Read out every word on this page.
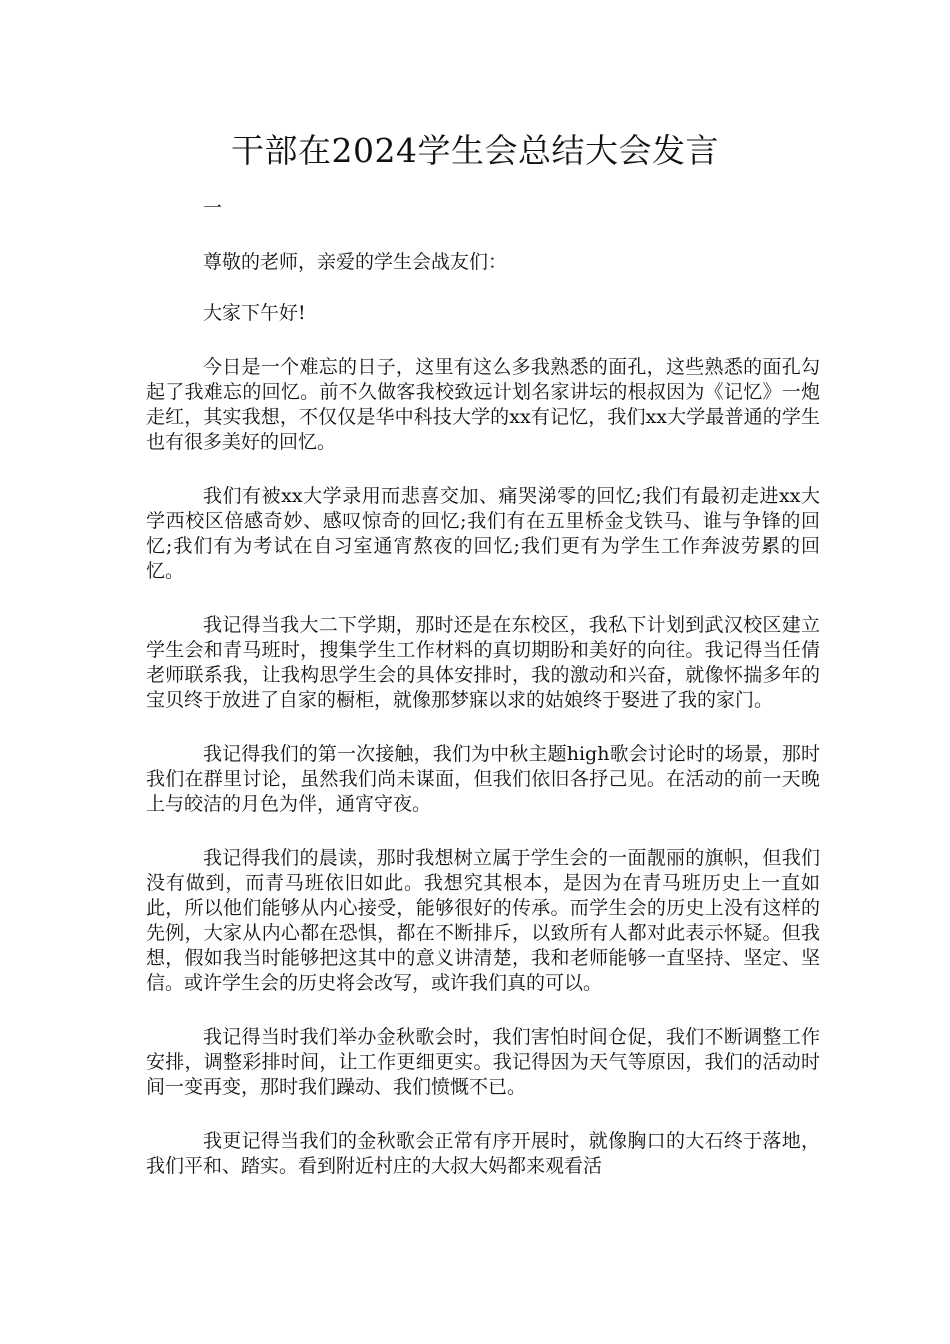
干部在2024学生会总结大会发言

一

尊敬的老师，亲爱的学生会战友们：

大家下午好!

今日是一个难忘的日子，这里有这么多我熟悉的面孔，这些熟悉的面孔勾起了我难忘的回忆。前不久做客我校致远计划名家讲坛的根叔因为《记忆》一炮走红，其实我想，不仅仅是华中科技大学的xx有记忆，我们xx大学最普通的学生也有很多美好的回忆。

我们有被xx大学录用而悲喜交加、痛哭涕零的回忆;我们有最初走进xx大学西校区倍感奇妙、感叹惊奇的回忆;我们有在五里桥金戈铁马、谁与争锋的回忆;我们有为考试在自习室通宵熬夜的回忆;我们更有为学生工作奔波劳累的回忆。

我记得当我大二下学期，那时还是在东校区，我私下计划到武汉校区建立学生会和青马班时，搜集学生工作材料的真切期盼和美好的向往。我记得当任倩老师联系我，让我构思学生会的具体安排时，我的激动和兴奋，就像怀揣多年的宝贝终于放进了自家的橱柜，就像那梦寐以求的姑娘终于娶进了我的家门。

我记得我们的第一次接触，我们为中秋主题high歌会讨论时的场景，那时我们在群里讨论，虽然我们尚未谋面，但我们依旧各抒己见。在活动的前一天晚上与皎洁的月色为伴，通宵守夜。

我记得我们的晨读，那时我想树立属于学生会的一面靓丽的旗帜，但我们没有做到，而青马班依旧如此。我想究其根本，是因为在青马班历史上一直如此，所以他们能够从内心接受，能够很好的传承。而学生会的历史上没有这样的先例，大家从内心都在恐惧，都在不断排斥，以致所有人都对此表示怀疑。但我想，假如我当时能够把这其中的意义讲清楚，我和老师能够一直坚持、坚定、坚信。或许学生会的历史将会改写，或许我们真的可以。

我记得当时我们举办金秋歌会时，我们害怕时间仓促，我们不断调整工作安排，调整彩排时间，让工作更细更实。我记得因为天气等原因，我们的活动时间一变再变，那时我们躁动、我们愤慨不已。

我更记得当我们的金秋歌会正常有序开展时，就像胸口的大石终于落地，我们平和、踏实。看到附近村庄的大叔大妈都来观看活
